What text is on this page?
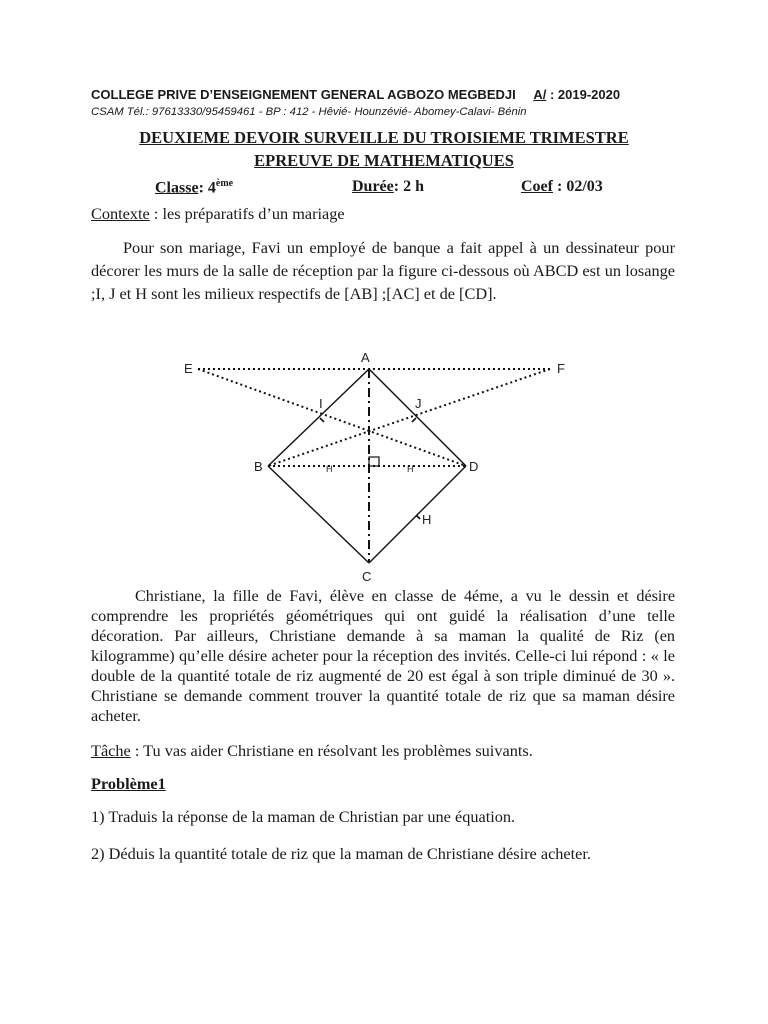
COLLEGE PRIVE D’ENSEIGNEMENT GENERAL AGBOZO MEGBEDJI A/ : 2019-2020
CSAM Tél.: 97613330/95459461 - BP : 412 - Hêvié- Hounzévié- Abomey-Calavi- Bénin
DEUXIEME DEVOIR SURVEILLE DU TROISIEME TRIMESTRE
EPREUVE DE MATHEMATIQUES
Classe: 4ème	Durée: 2 h	Coef : 02/03
Contexte : les préparatifs d’un mariage
Pour son mariage, Favi un employé de banque a fait appel à un dessinateur pour décorer les murs de la salle de réception par la figure ci-dessous où ABCD est un losange ;I, J et H sont les milieux respectifs de [AB] ;[AC] et de [CD].
A
E	F
I	J
B	D
H	H
H
C
Christiane, la fille de Favi, élève en classe de 4éme, a vu le dessin et désire comprendre les propriétés géométriques qui ont guidé la réalisation d’une telle décoration. Par ailleurs, Christiane demande à sa maman la qualité de Riz (en kilogramme) qu’elle désire acheter pour la réception des invités. Celle-ci lui répond : « le double de la quantité totale de riz augmenté de 20 est égal à son triple diminué de 30 ». Christiane se demande comment trouver la quantité totale de riz que sa maman désire acheter.
Tâche : Tu vas aider Christiane en résolvant les problèmes suivants.
Problème1
1) Traduis la réponse de la maman de Christian par une équation.
2) Déduis la quantité totale de riz que la maman de Christiane désire acheter.
